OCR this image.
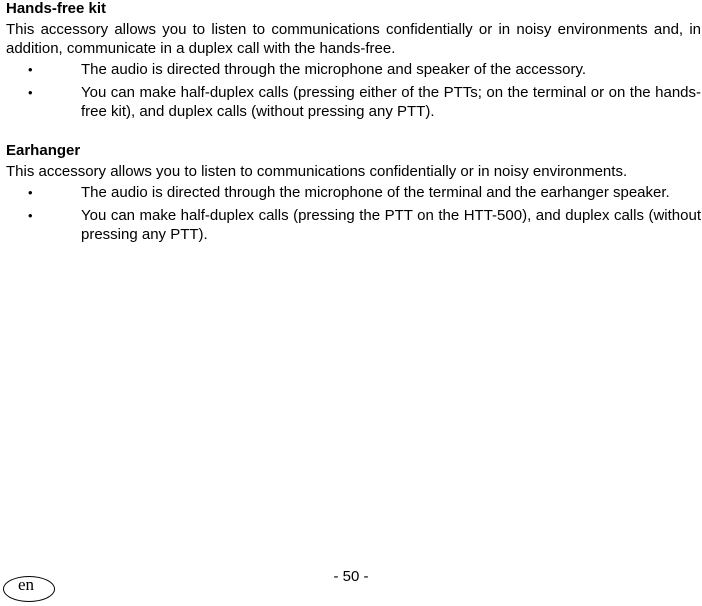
Hands-free kit

This accessory allows you to listen to communications confidentially or in noisy environments and, in addition, communicate in a duplex call with the hands-free.

•	The audio is directed through the microphone and speaker of the accessory.
•	You can make half-duplex calls (pressing either of the PTTs; on the terminal or on the hands-free kit), and duplex calls (without pressing any PTT).
Earhanger

This accessory allows you to listen to communications confidentially or in noisy environments.

•	The audio is directed through the microphone of the terminal and the earhanger speaker.
•	You can make half-duplex calls (pressing the PTT on the HTT-500), and duplex calls (without pressing any PTT).
- 50 -
en
